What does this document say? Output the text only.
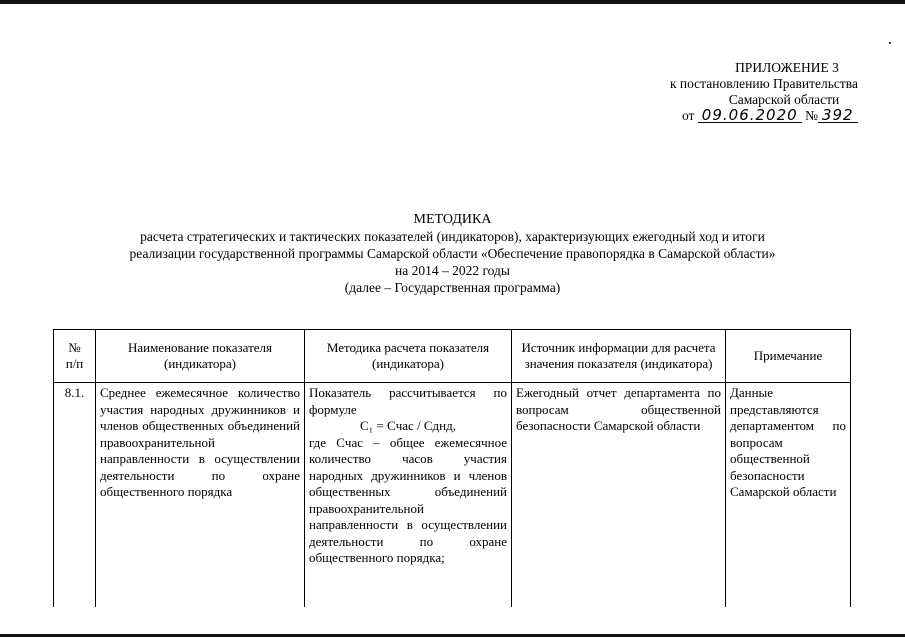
ПРИЛОЖЕНИЕ 3
к постановлению Правительства
Самарской области
от 09.06.2020 № 392
МЕТОДИКА
расчета стратегических и тактических показателей (индикаторов), характеризующих ежегодный ход и итоги
реализации государственной программы Самарской области «Обеспечение правопорядка в Самарской области»
на 2014 – 2022 годы
(далее – Государственная программа)
№
п/п	Наименование показателя (индикатора)	Методика расчета показателя (индикатора)	Источник информации для расчета значения показателя (индикатора)	Примечание
8.1.	Среднее ежемесячное количество участия народных дружинников и членов общественных объединений правоохранительной направленности в осуществлении деятельности по охране общественного порядка	Показатель рассчитывается по формуле
C₁ = Cчас / Cднд,
где Cчас – общее ежемесячное количество часов участия народных дружинников и членов общественных объединений правоохранительной направленности в осуществлении деятельности по охране общественного порядка;	Ежегодный отчет департамента по вопросам общественной безопасности Самарской области	Данные представляются департаментом по вопросам общественной безопасности Самарской области
